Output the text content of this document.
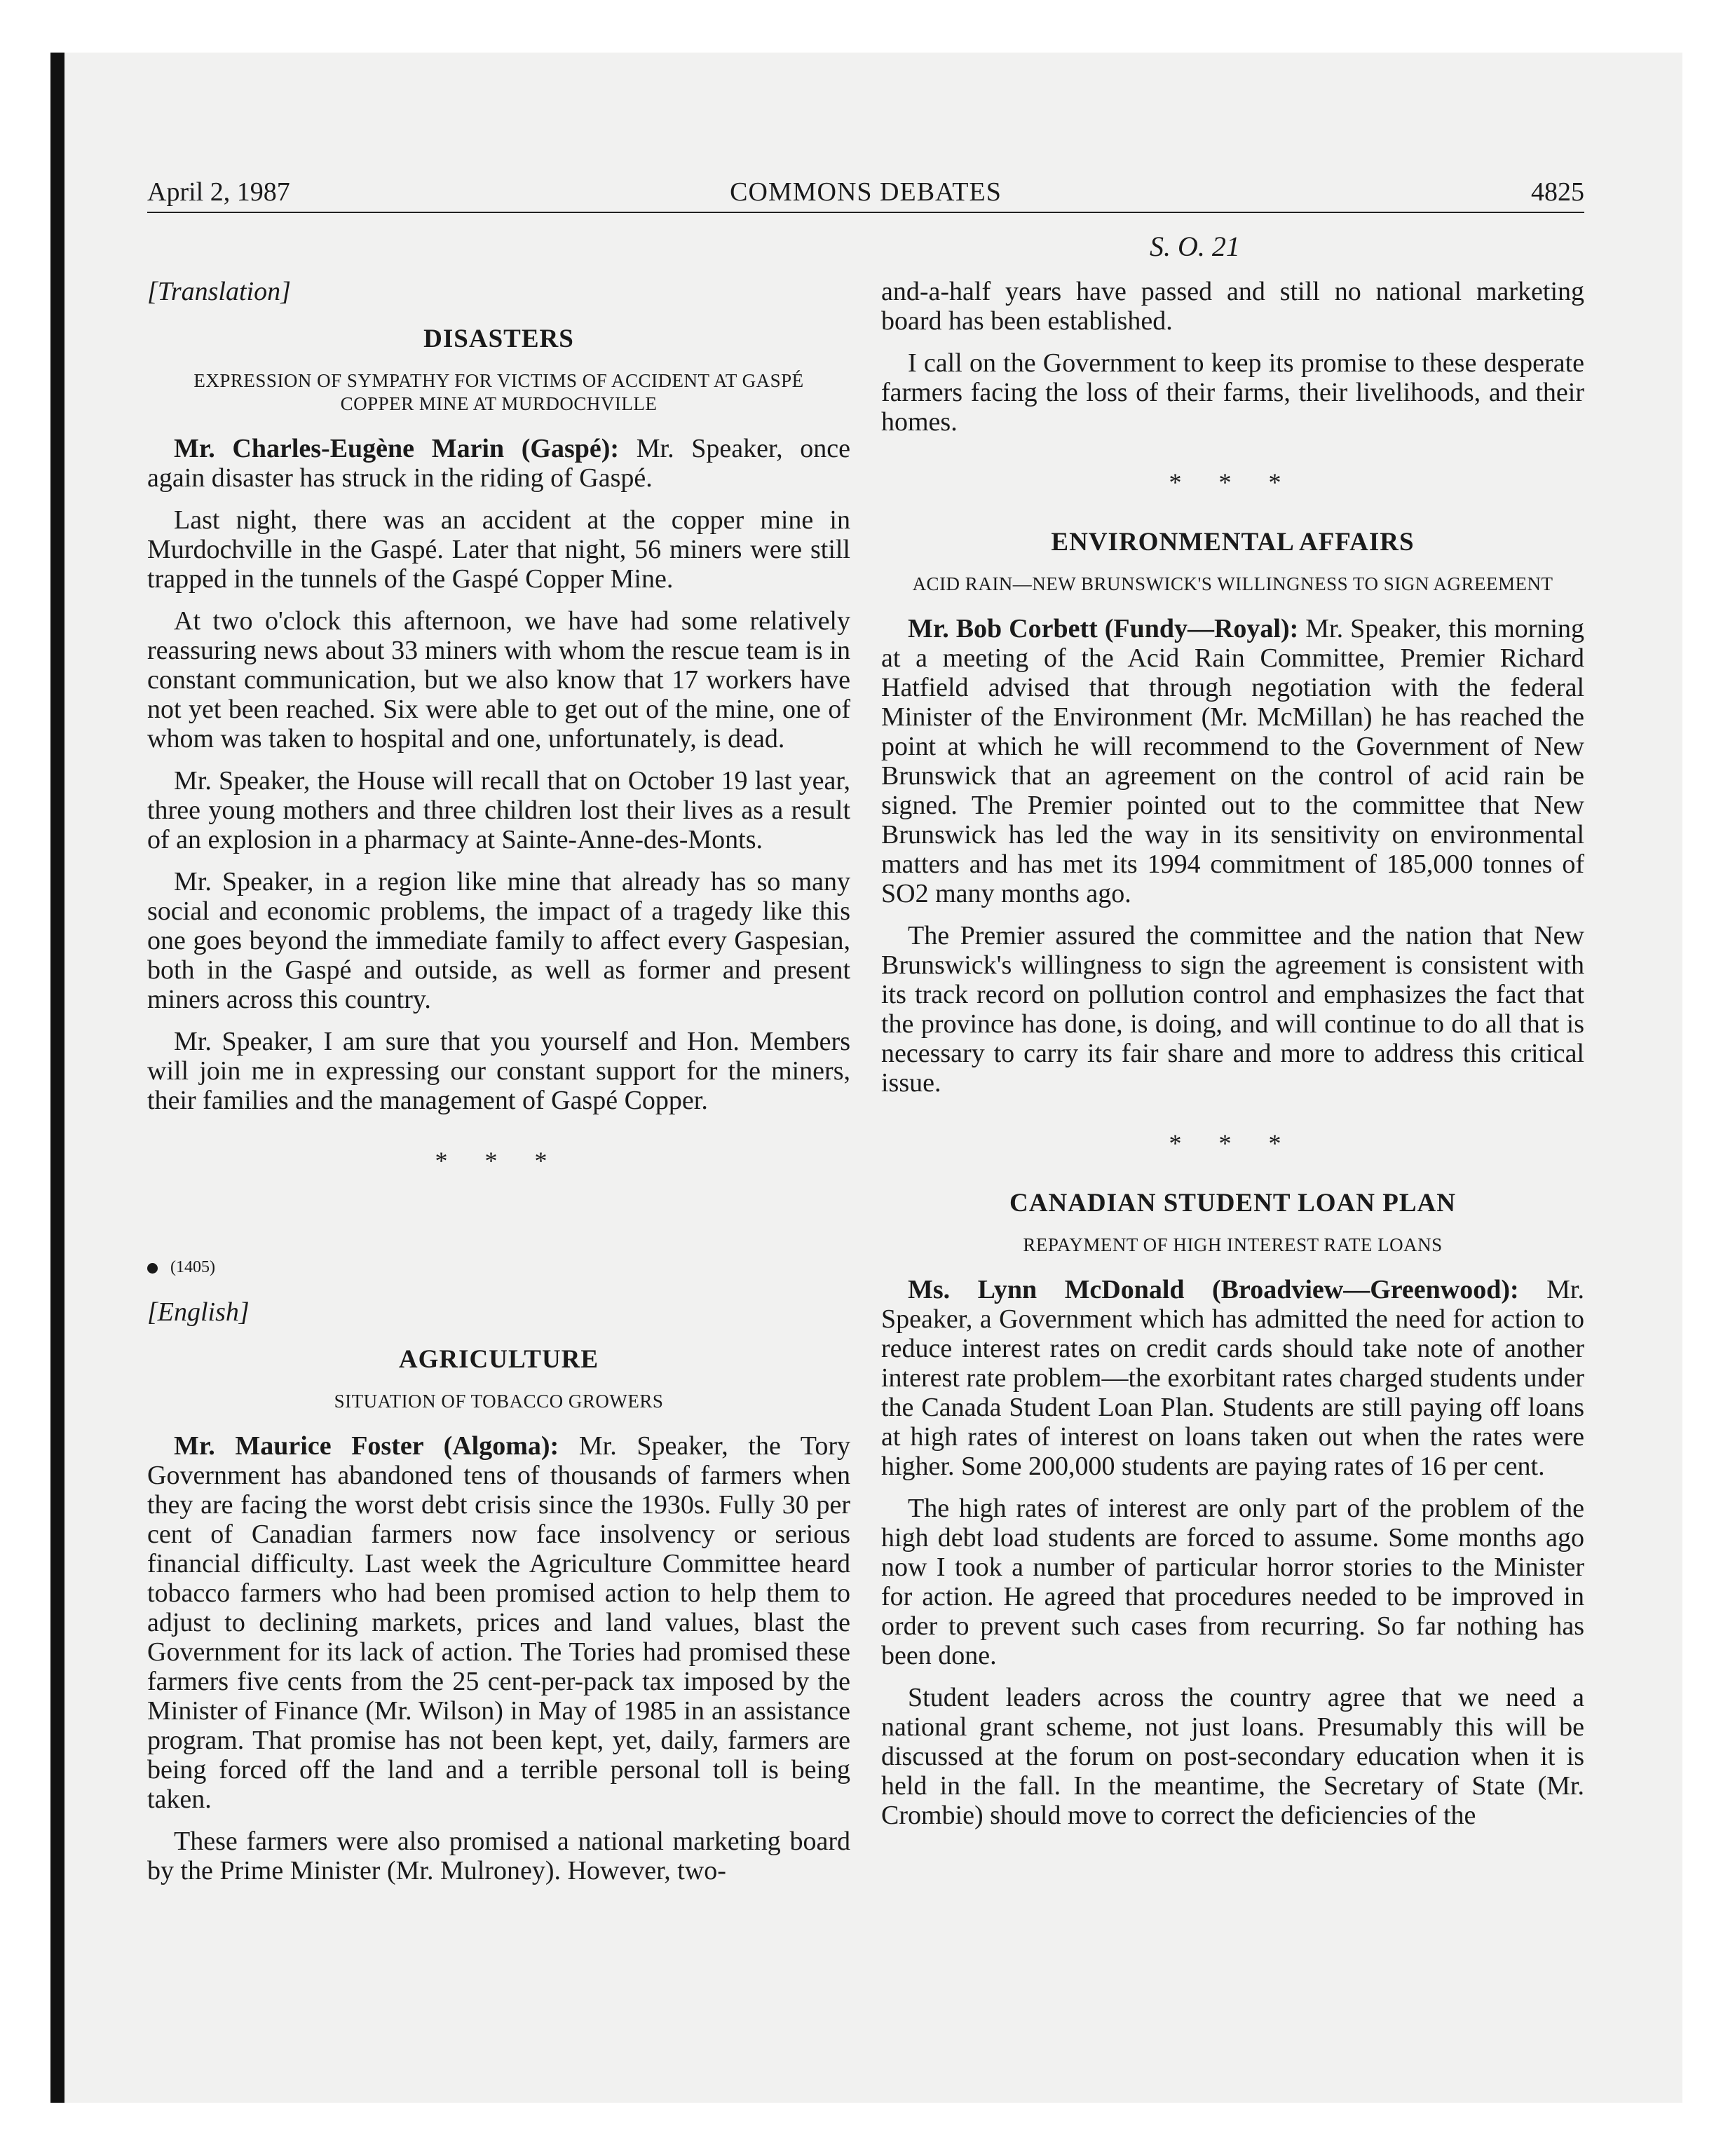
April 2, 1987	COMMONS DEBATES	4825
S. O. 21
[Translation]
DISASTERS
EXPRESSION OF SYMPATHY FOR VICTIMS OF ACCIDENT AT GASPÉ COPPER MINE AT MURDOCHVILLE

Mr. Charles-Eugène Marin (Gaspé): Mr. Speaker, once again disaster has struck in the riding of Gaspé.

Last night, there was an accident at the copper mine in Murdochville in the Gaspé. Later that night, 56 miners were still trapped in the tunnels of the Gaspé Copper Mine.

At two o'clock this afternoon, we have had some relatively reassuring news about 33 miners with whom the rescue team is in constant communication, but we also know that 17 workers have not yet been reached. Six were able to get out of the mine, one of whom was taken to hospital and one, unfortunately, is dead.

Mr. Speaker, the House will recall that on October 19 last year, three young mothers and three children lost their lives as a result of an explosion in a pharmacy at Sainte-Anne-des-Monts.

Mr. Speaker, in a region like mine that already has so many social and economic problems, the impact of a tragedy like this one goes beyond the immediate family to affect every Gaspesian, both in the Gaspé and outside, as well as former and present miners across this country.

Mr. Speaker, I am sure that you yourself and Hon. Members will join me in expressing our constant support for the miners, their families and the management of Gaspé Copper.

* * *
(1405)
[English]
AGRICULTURE
SITUATION OF TOBACCO GROWERS

Mr. Maurice Foster (Algoma): Mr. Speaker, the Tory Government has abandoned tens of thousands of farmers when they are facing the worst debt crisis since the 1930s. Fully 30 per cent of Canadian farmers now face insolvency or serious financial difficulty. Last week the Agriculture Committee heard tobacco farmers who had been promised action to help them to adjust to declining markets, prices and land values, blast the Government for its lack of action. The Tories had promised these farmers five cents from the 25 cent-per-pack tax imposed by the Minister of Finance (Mr. Wilson) in May of 1985 in an assistance program. That promise has not been kept, yet, daily, farmers are being forced off the land and a terrible personal toll is being taken.

These farmers were also promised a national marketing board by the Prime Minister (Mr. Mulroney). However, two-

and-a-half years have passed and still no national marketing board has been established.

I call on the Government to keep its promise to these desperate farmers facing the loss of their farms, their livelihoods, and their homes.

* * *
ENVIRONMENTAL AFFAIRS
ACID RAIN—NEW BRUNSWICK'S WILLINGNESS TO SIGN AGREEMENT

Mr. Bob Corbett (Fundy—Royal): Mr. Speaker, this morning at a meeting of the Acid Rain Committee, Premier Richard Hatfield advised that through negotiation with the federal Minister of the Environment (Mr. McMillan) he has reached the point at which he will recommend to the Government of New Brunswick that an agreement on the control of acid rain be signed. The Premier pointed out to the committee that New Brunswick has led the way in its sensitivity on environmental matters and has met its 1994 commitment of 185,000 tonnes of SO2 many months ago.

The Premier assured the committee and the nation that New Brunswick's willingness to sign the agreement is consistent with its track record on pollution control and emphasizes the fact that the province has done, is doing, and will continue to do all that is necessary to carry its fair share and more to address this critical issue.

* * *
CANADIAN STUDENT LOAN PLAN
REPAYMENT OF HIGH INTEREST RATE LOANS

Ms. Lynn McDonald (Broadview—Greenwood): Mr. Speaker, a Government which has admitted the need for action to reduce interest rates on credit cards should take note of another interest rate problem—the exorbitant rates charged students under the Canada Student Loan Plan. Students are still paying off loans at high rates of interest on loans taken out when the rates were higher. Some 200,000 students are paying rates of 16 per cent.

The high rates of interest are only part of the problem of the high debt load students are forced to assume. Some months ago now I took a number of particular horror stories to the Minister for action. He agreed that procedures needed to be improved in order to prevent such cases from recurring. So far nothing has been done.

Student leaders across the country agree that we need a national grant scheme, not just loans. Presumably this will be discussed at the forum on post-secondary education when it is held in the fall. In the meantime, the Secretary of State (Mr. Crombie) should move to correct the deficiencies of the
